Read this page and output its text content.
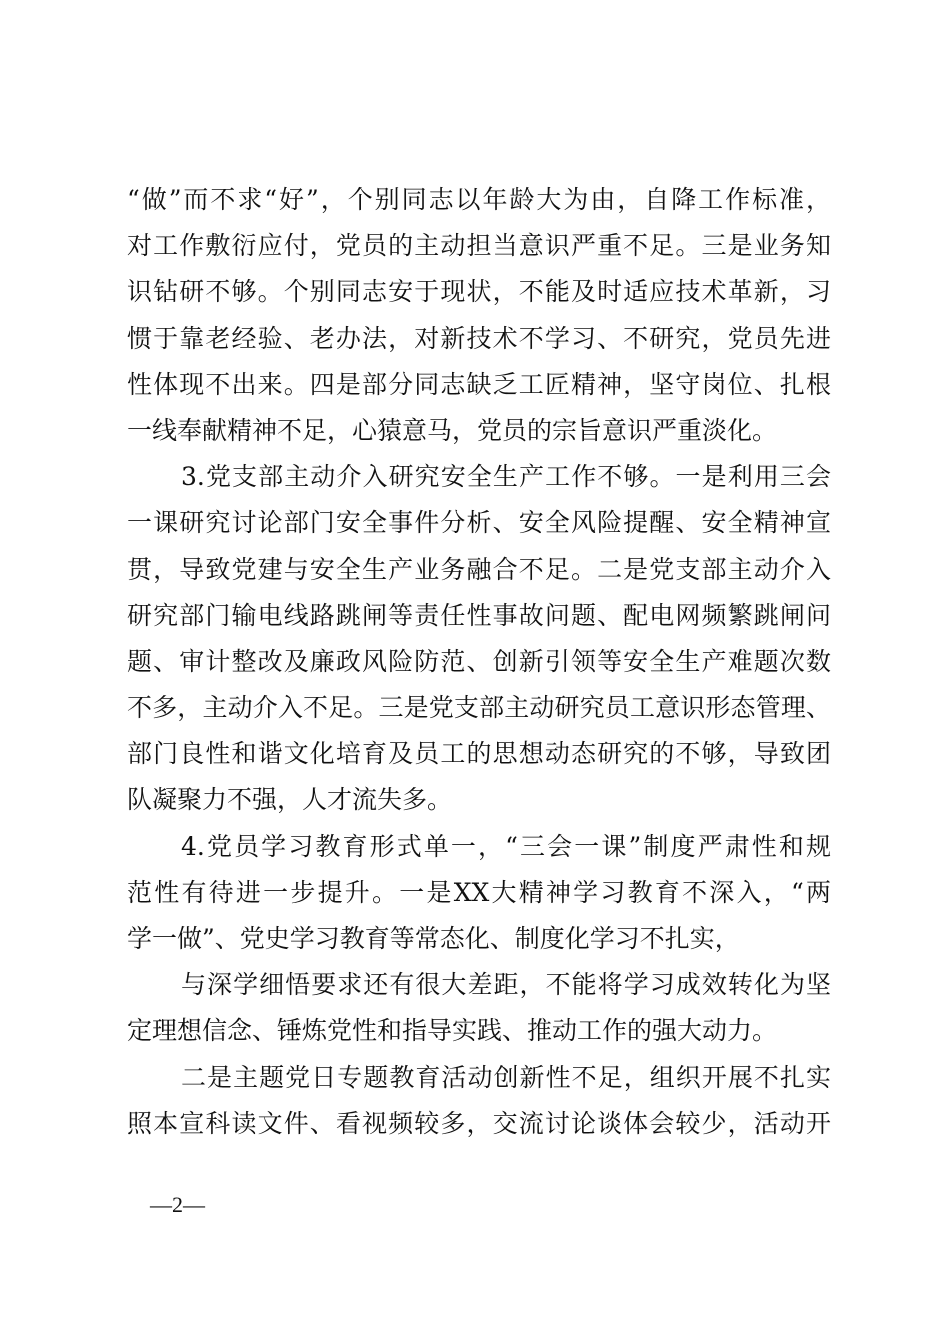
“做”而不求“好”，个别同志以年龄大为由，自降工作标准，
对工作敷衍应付，党员的主动担当意识严重不足。三是业务知
识钻研不够。个别同志安于现状，不能及时适应技术革新，习
惯于靠老经验、老办法，对新技术不学习、不研究，党员先进
性体现不出来。四是部分同志缺乏工匠精神，坚守岗位、扎根
一线奉献精神不足，心猿意马，党员的宗旨意识严重淡化。
3.党支部主动介入研究安全生产工作不够。一是利用三会
一课研究讨论部门安全事件分析、安全风险提醒、安全精神宣
贯，导致党建与安全生产业务融合不足。二是党支部主动介入
研究部门输电线路跳闸等责任性事故问题、配电网频繁跳闸问
题、审计整改及廉政风险防范、创新引领等安全生产难题次数
不多，主动介入不足。三是党支部主动研究员工意识形态管理、
部门良性和谐文化培育及员工的思想动态研究的不够，导致团
队凝聚力不强，人才流失多。
4.党员学习教育形式单一，“三会一课”制度严肃性和规
范性有待进一步提升。一是XX大精神学习教育不深入，“两
学一做”、党史学习教育等常态化、制度化学习不扎实，
与深学细悟要求还有很大差距，不能将学习成效转化为坚
定理想信念、锤炼党性和指导实践、推动工作的强大动力。
二是主题党日专题教育活动创新性不足，组织开展不扎实
照本宣科读文件、看视频较多，交流讨论谈体会较少，活动开
—2—
